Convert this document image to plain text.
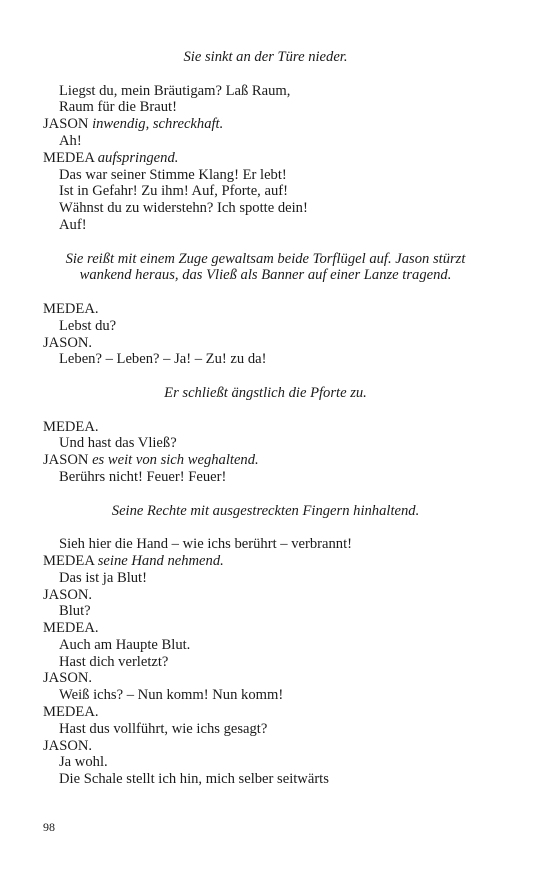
Sie sinkt an der Türe nieder.
Liegst du, mein Bräutigam? Laß Raum,
Raum für die Braut!
JASON inwendig, schreckhaft.
Ah!
MEDEA aufspringend.
Das war seiner Stimme Klang! Er lebt!
Ist in Gefahr! Zu ihm! Auf, Pforte, auf!
Wähnst du zu widerstehn? Ich spotte dein!
Auf!
Sie reißt mit einem Zuge gewaltsam beide Torflügel auf. Jason stürzt wankend heraus, das Vließ als Banner auf einer Lanze tragend.
MEDEA.
Lebst du?
JASON.
Leben? – Leben? – Ja! – Zu! zu da!
Er schließt ängstlich die Pforte zu.
MEDEA.
Und hast das Vließ?
JASON es weit von sich weghaltend.
Berührs nicht! Feuer! Feuer!
Seine Rechte mit ausgestreckten Fingern hinhaltend.
Sieh hier die Hand – wie ichs berührt – verbrannt!
MEDEA seine Hand nehmend.
Das ist ja Blut!
JASON.
Blut?
MEDEA.
Auch am Haupte Blut.
Hast dich verletzt?
JASON.
Weiß ichs? – Nun komm! Nun komm!
MEDEA.
Hast dus vollführt, wie ichs gesagt?
JASON.
Ja wohl.
Die Schale stellt ich hin, mich selber seitwärts
98
